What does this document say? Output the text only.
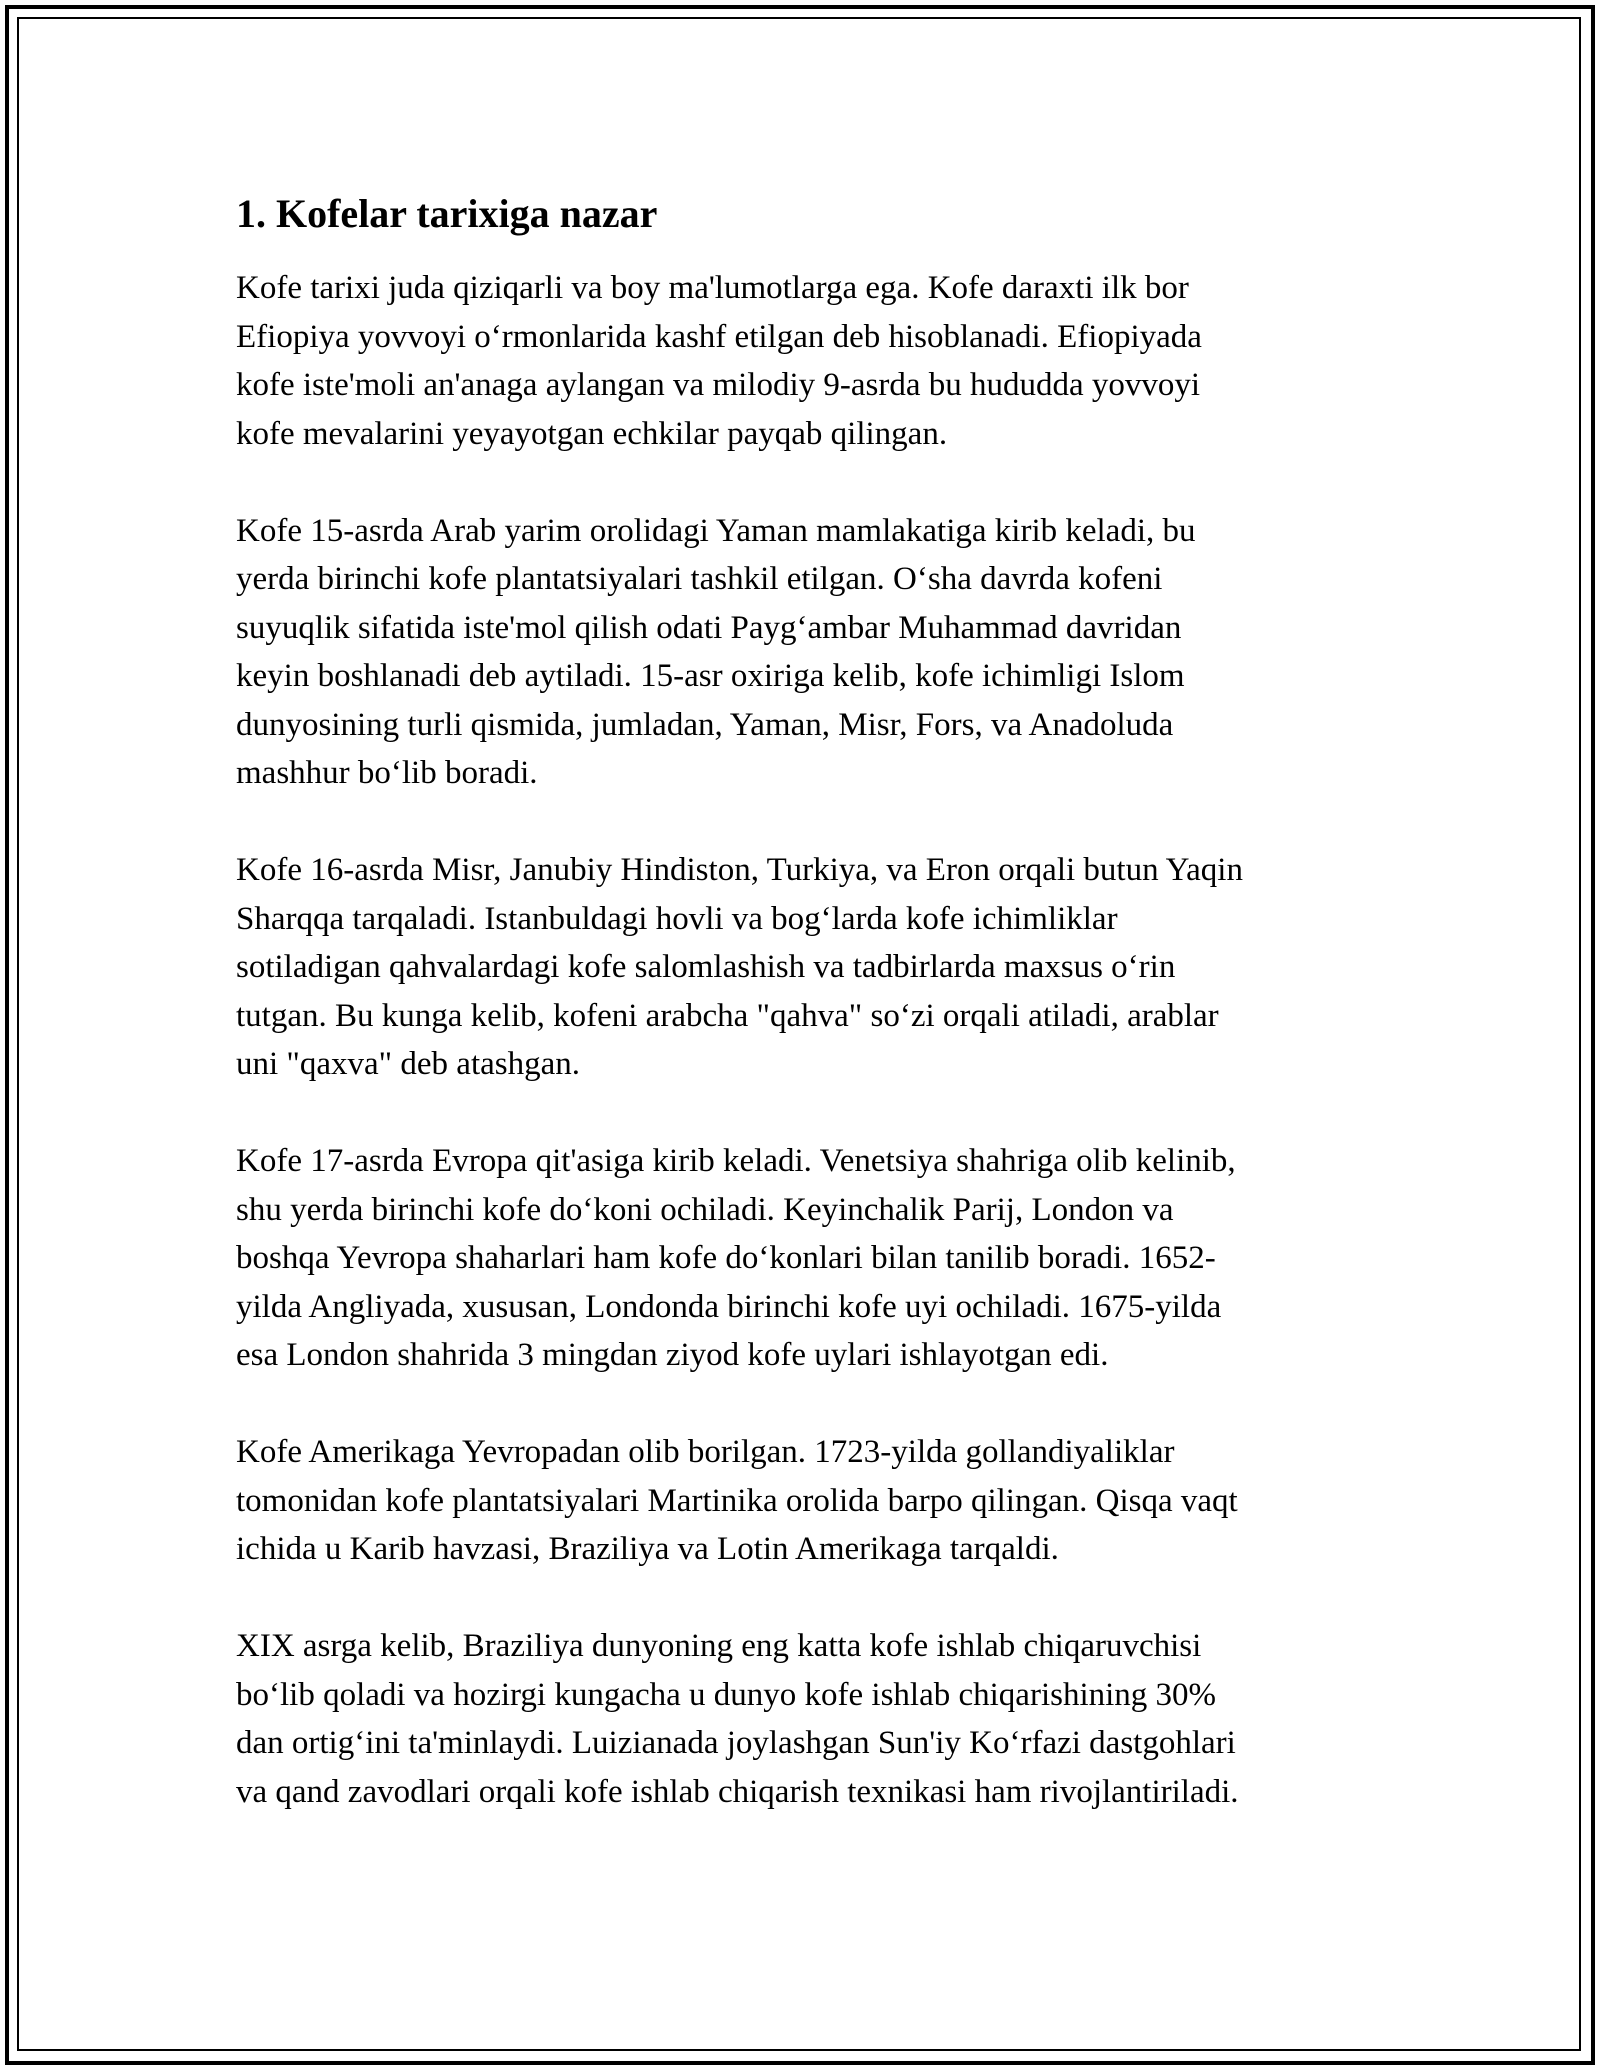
1. Kofelar tarixiga nazar

Kofe tarixi juda qiziqarli va boy ma'lumotlarga ega. Kofe daraxti ilk bor
Efiopiya yovvoyi o‘rmonlarida kashf etilgan deb hisoblanadi. Efiopiyada
kofe iste'moli an'anaga aylangan va milodiy 9-asrda bu hududda yovvoyi
kofe mevalarini yeyayotgan echkilar payqab qilingan.

Kofe 15-asrda Arab yarim orolidagi Yaman mamlakatiga kirib keladi, bu
yerda birinchi kofe plantatsiyalari tashkil etilgan. O‘sha davrda kofeni
suyuqlik sifatida iste'mol qilish odati Payg‘ambar Muhammad davridan
keyin boshlanadi deb aytiladi. 15-asr oxiriga kelib, kofe ichimligi Islom
dunyosining turli qismida, jumladan, Yaman, Misr, Fors, va Anadoluda
mashhur bo‘lib boradi.

Kofe 16-asrda Misr, Janubiy Hindiston, Turkiya, va Eron orqali butun Yaqin
Sharqqa tarqaladi. Istanbuldagi hovli va bog‘larda kofe ichimliklar
sotiladigan qahvalardagi kofe salomlashish va tadbirlarda maxsus o‘rin
tutgan. Bu kunga kelib, kofeni arabcha "qahva" so‘zi orqali atiladi, arablar
uni "qaxva" deb atashgan.

Kofe 17-asrda Evropa qit'asiga kirib keladi. Venetsiya shahriga olib kelinib,
shu yerda birinchi kofe do‘koni ochiladi. Keyinchalik Parij, London va
boshqa Yevropa shaharlari ham kofe do‘konlari bilan tanilib boradi. 1652-
yilda Angliyada, xususan, Londonda birinchi kofe uyi ochiladi. 1675-yilda
esa London shahrida 3 mingdan ziyod kofe uylari ishlayotgan edi.

Kofe Amerikaga Yevropadan olib borilgan. 1723-yilda gollandiyaliklar
tomonidan kofe plantatsiyalari Martinika orolida barpo qilingan. Qisqa vaqt
ichida u Karib havzasi, Braziliya va Lotin Amerikaga tarqaldi.

XIX asrga kelib, Braziliya dunyoning eng katta kofe ishlab chiqaruvchisi
bo‘lib qoladi va hozirgi kungacha u dunyo kofe ishlab chiqarishining 30%
dan ortig‘ini ta'minlaydi. Luizianada joylashgan Sun'iy Ko‘rfazi dastgohlari
va qand zavodlari orqali kofe ishlab chiqarish texnikasi ham rivojlantiriladi.
